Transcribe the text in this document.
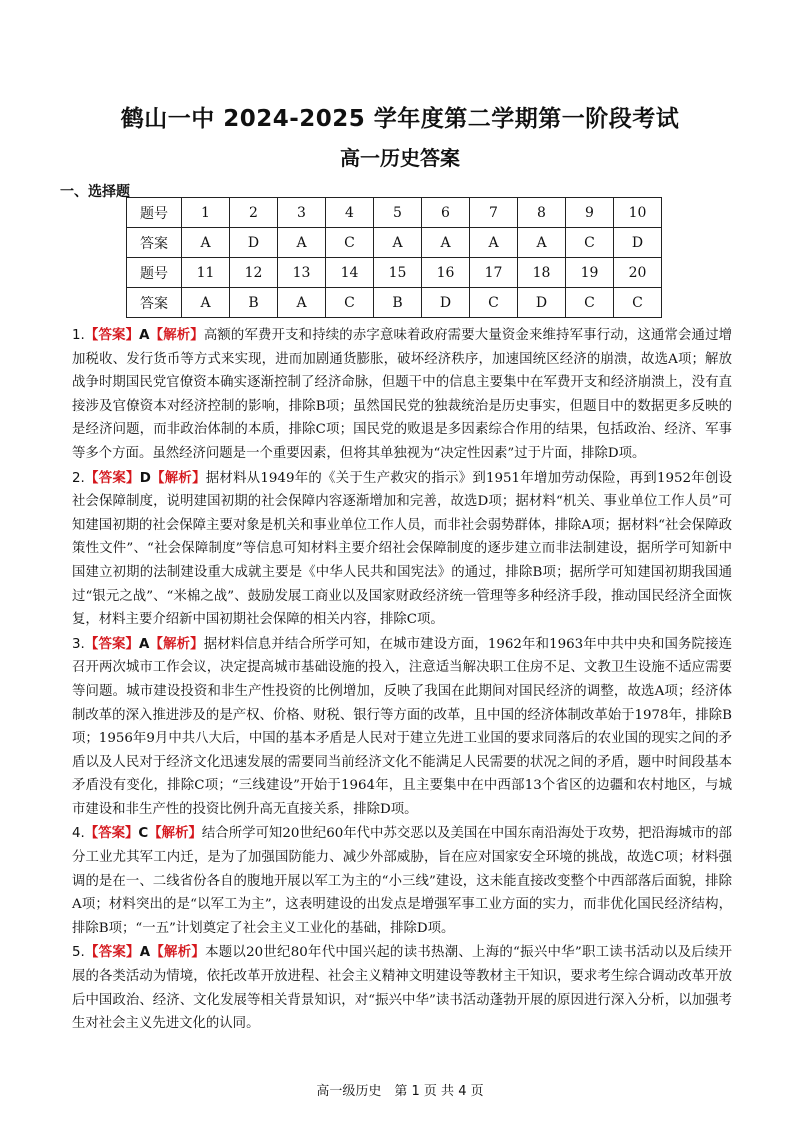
鹤山一中 2024-2025 学年度第二学期第一阶段考试
高一历史答案
一、选择题
题号	1	2	3	4	5	6	7	8	9	10
答案	A	D	A	C	A	A	A	A	C	D
题号	11	12	13	14	15	16	17	18	19	20
答案	A	B	A	C	B	D	C	D	C	C
1.【答案】A【解析】高额的军费开支和持续的赤字意味着政府需要大量资金来维持军事行动，这通常会通过增加税收、发行货币等方式来实现，进而加剧通货膨胀，破坏经济秩序，加速国统区经济的崩溃，故选A项；解放战争时期国民党官僚资本确实逐渐控制了经济命脉，但题干中的信息主要集中在军费开支和经济崩溃上，没有直接涉及官僚资本对经济控制的影响，排除B项；虽然国民党的独裁统治是历史事实，但题目中的数据更多反映的是经济问题，而非政治体制的本质，排除C项；国民党的败退是多因素综合作用的结果，包括政治、经济、军事等多个方面。虽然经济问题是一个重要因素，但将其单独视为“决定性因素”过于片面，排除D项。
2.【答案】D【解析】据材料从1949年的《关于生产救灾的指示》到1951年增加劳动保险，再到1952年创设社会保障制度，说明建国初期的社会保障内容逐渐增加和完善，故选D项；据材料“机关、事业单位工作人员”可知建国初期的社会保障主要对象是机关和事业单位工作人员，而非社会弱势群体，排除A项；据材料“社会保障政策性文件”、“社会保障制度”等信息可知材料主要介绍社会保障制度的逐步建立而非法制建设，据所学可知新中国建立初期的法制建设重大成就主要是《中华人民共和国宪法》的通过，排除B项；据所学可知建国初期我国通过“银元之战”、“米棉之战”、鼓励发展工商业以及国家财政经济统一管理等多种经济手段，推动国民经济全面恢复，材料主要介绍新中国初期社会保障的相关内容，排除C项。
3.【答案】A【解析】据材料信息并结合所学可知，在城市建设方面，1962年和1963年中共中央和国务院接连召开两次城市工作会议，决定提高城市基础设施的投入，注意适当解决职工住房不足、文教卫生设施不适应需要等问题。城市建设投资和非生产性投资的比例增加，反映了我国在此期间对国民经济的调整，故选A项；经济体制改革的深入推进涉及的是产权、价格、财税、银行等方面的改革，且中国的经济体制改革始于1978年，排除B项；1956年9月中共八大后，中国的基本矛盾是人民对于建立先进工业国的要求同落后的农业国的现实之间的矛盾以及人民对于经济文化迅速发展的需要同当前经济文化不能满足人民需要的状况之间的矛盾，题中时间段基本矛盾没有变化，排除C项；“三线建设”开始于1964年，且主要集中在中西部13个省区的边疆和农村地区，与城市建设和非生产性的投资比例升高无直接关系，排除D项。
4.【答案】C【解析】结合所学可知20世纪60年代中苏交恶以及美国在中国东南沿海处于攻势，把沿海城市的部分工业尤其军工内迁，是为了加强国防能力、减少外部威胁，旨在应对国家安全环境的挑战，故选C项；材料强调的是在一、二线省份各自的腹地开展以军工为主的“小三线”建设，这未能直接改变整个中西部落后面貌，排除A项；材料突出的是“以军工为主”，这表明建设的出发点是增强军事工业方面的实力，而非优化国民经济结构，排除B项；“一五”计划奠定了社会主义工业化的基础，排除D项。
5.【答案】A【解析】本题以20世纪80年代中国兴起的读书热潮、上海的“振兴中华”职工读书活动以及后续开展的各类活动为情境，依托改革开放进程、社会主义精神文明建设等教材主干知识，要求考生综合调动改革开放后中国政治、经济、文化发展等相关背景知识，对“振兴中华”读书活动蓬勃开展的原因进行深入分析，以加强考生对社会主义先进文化的认同。
高一级历史　第 1 页 共 4 页
